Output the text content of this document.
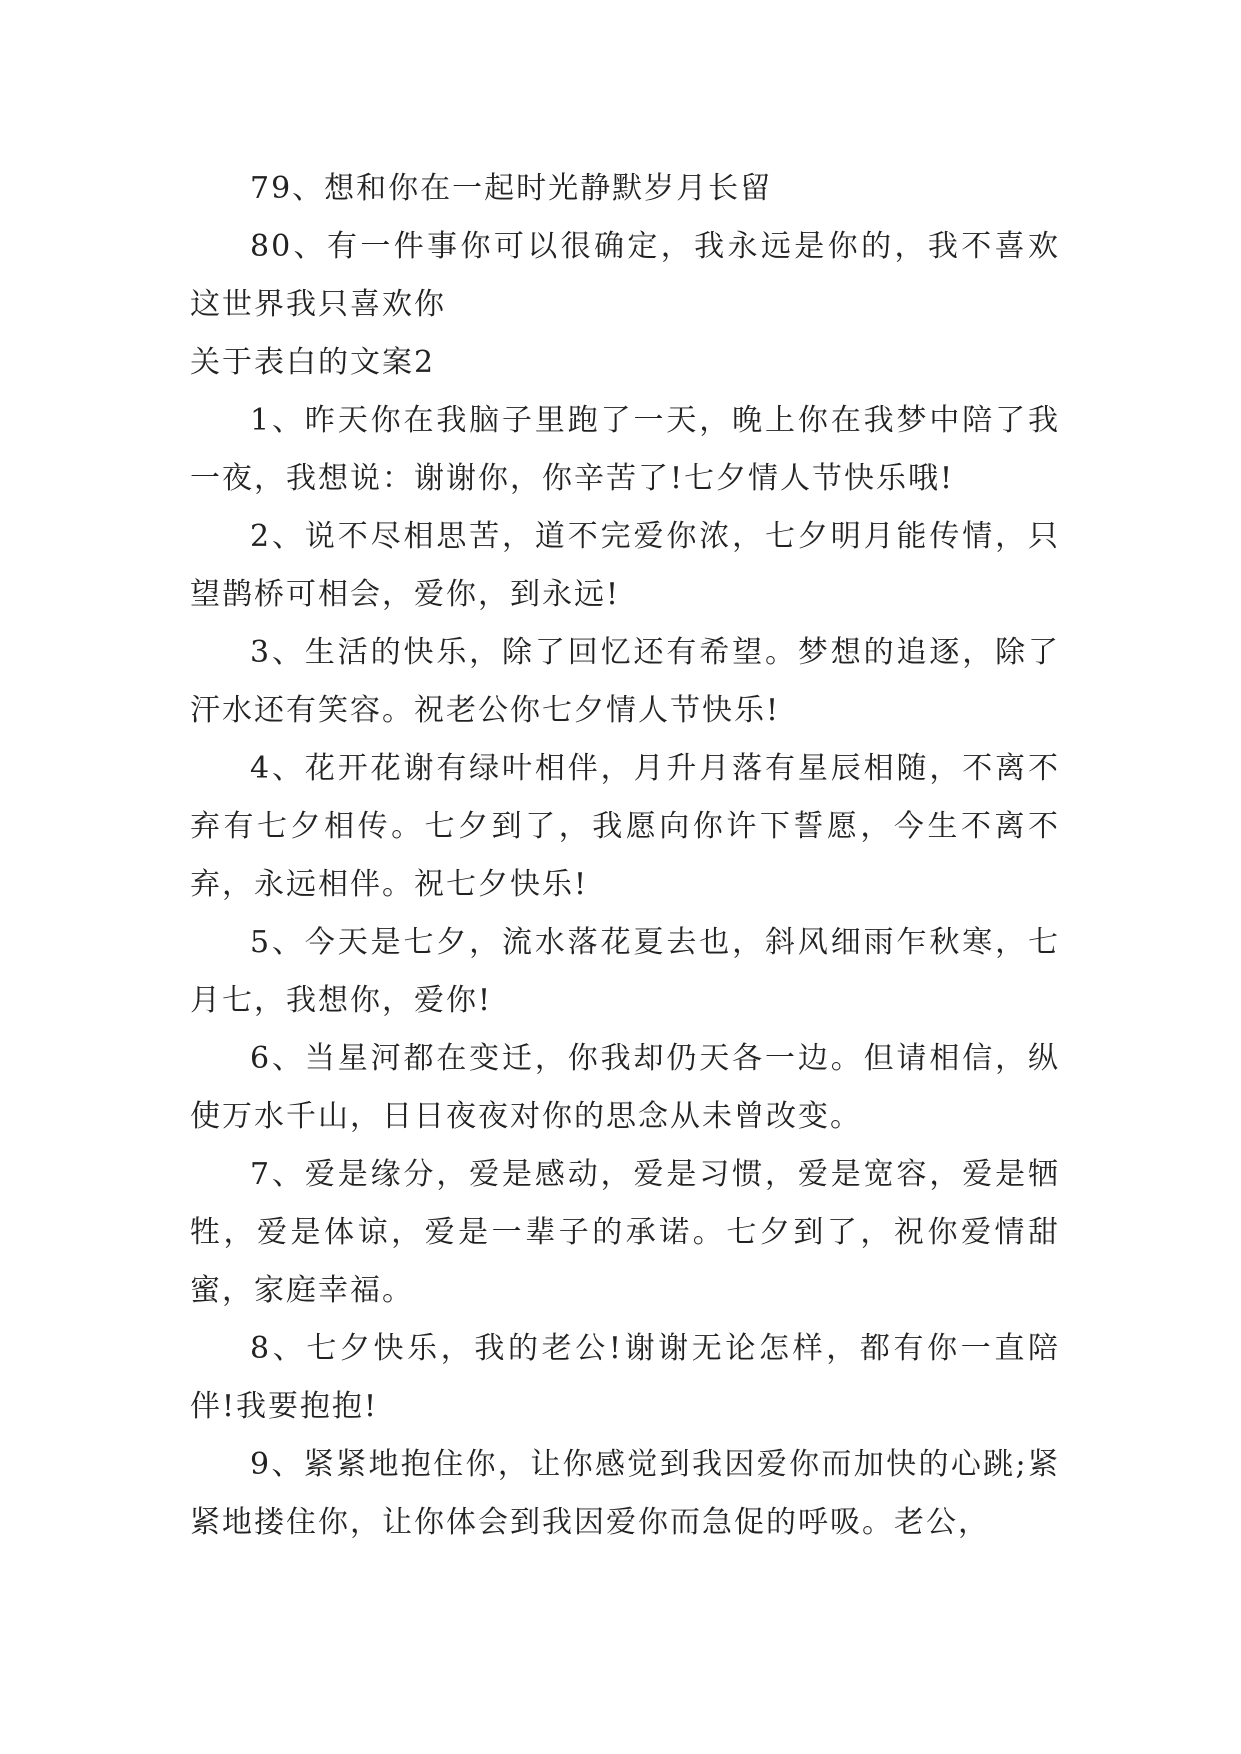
79、想和你在一起时光静默岁月长留

80、有一件事你可以很确定，我永远是你的，我不喜欢这世界我只喜欢你

关于表白的文案2

1、昨天你在我脑子里跑了一天，晚上你在我梦中陪了我一夜，我想说：谢谢你，你辛苦了!七夕情人节快乐哦!

2、说不尽相思苦，道不完爱你浓，七夕明月能传情，只望鹊桥可相会，爱你，到永远!

3、生活的快乐，除了回忆还有希望。梦想的追逐，除了汗水还有笑容。祝老公你七夕情人节快乐!

4、花开花谢有绿叶相伴，月升月落有星辰相随，不离不弃有七夕相传。七夕到了，我愿向你许下誓愿，今生不离不弃，永远相伴。祝七夕快乐!

5、今天是七夕，流水落花夏去也，斜风细雨乍秋寒，七月七，我想你，爱你!

6、当星河都在变迁，你我却仍天各一边。但请相信，纵使万水千山，日日夜夜对你的思念从未曾改变。

7、爱是缘分，爱是感动，爱是习惯，爱是宽容，爱是牺牲，爱是体谅，爱是一辈子的承诺。七夕到了，祝你爱情甜蜜，家庭幸福。

8、七夕快乐，我的老公!谢谢无论怎样，都有你一直陪伴!我要抱抱!

9、紧紧地抱住你，让你感觉到我因爱你而加快的心跳;紧紧地搂住你，让你体会到我因爱你而急促的呼吸。老公，
